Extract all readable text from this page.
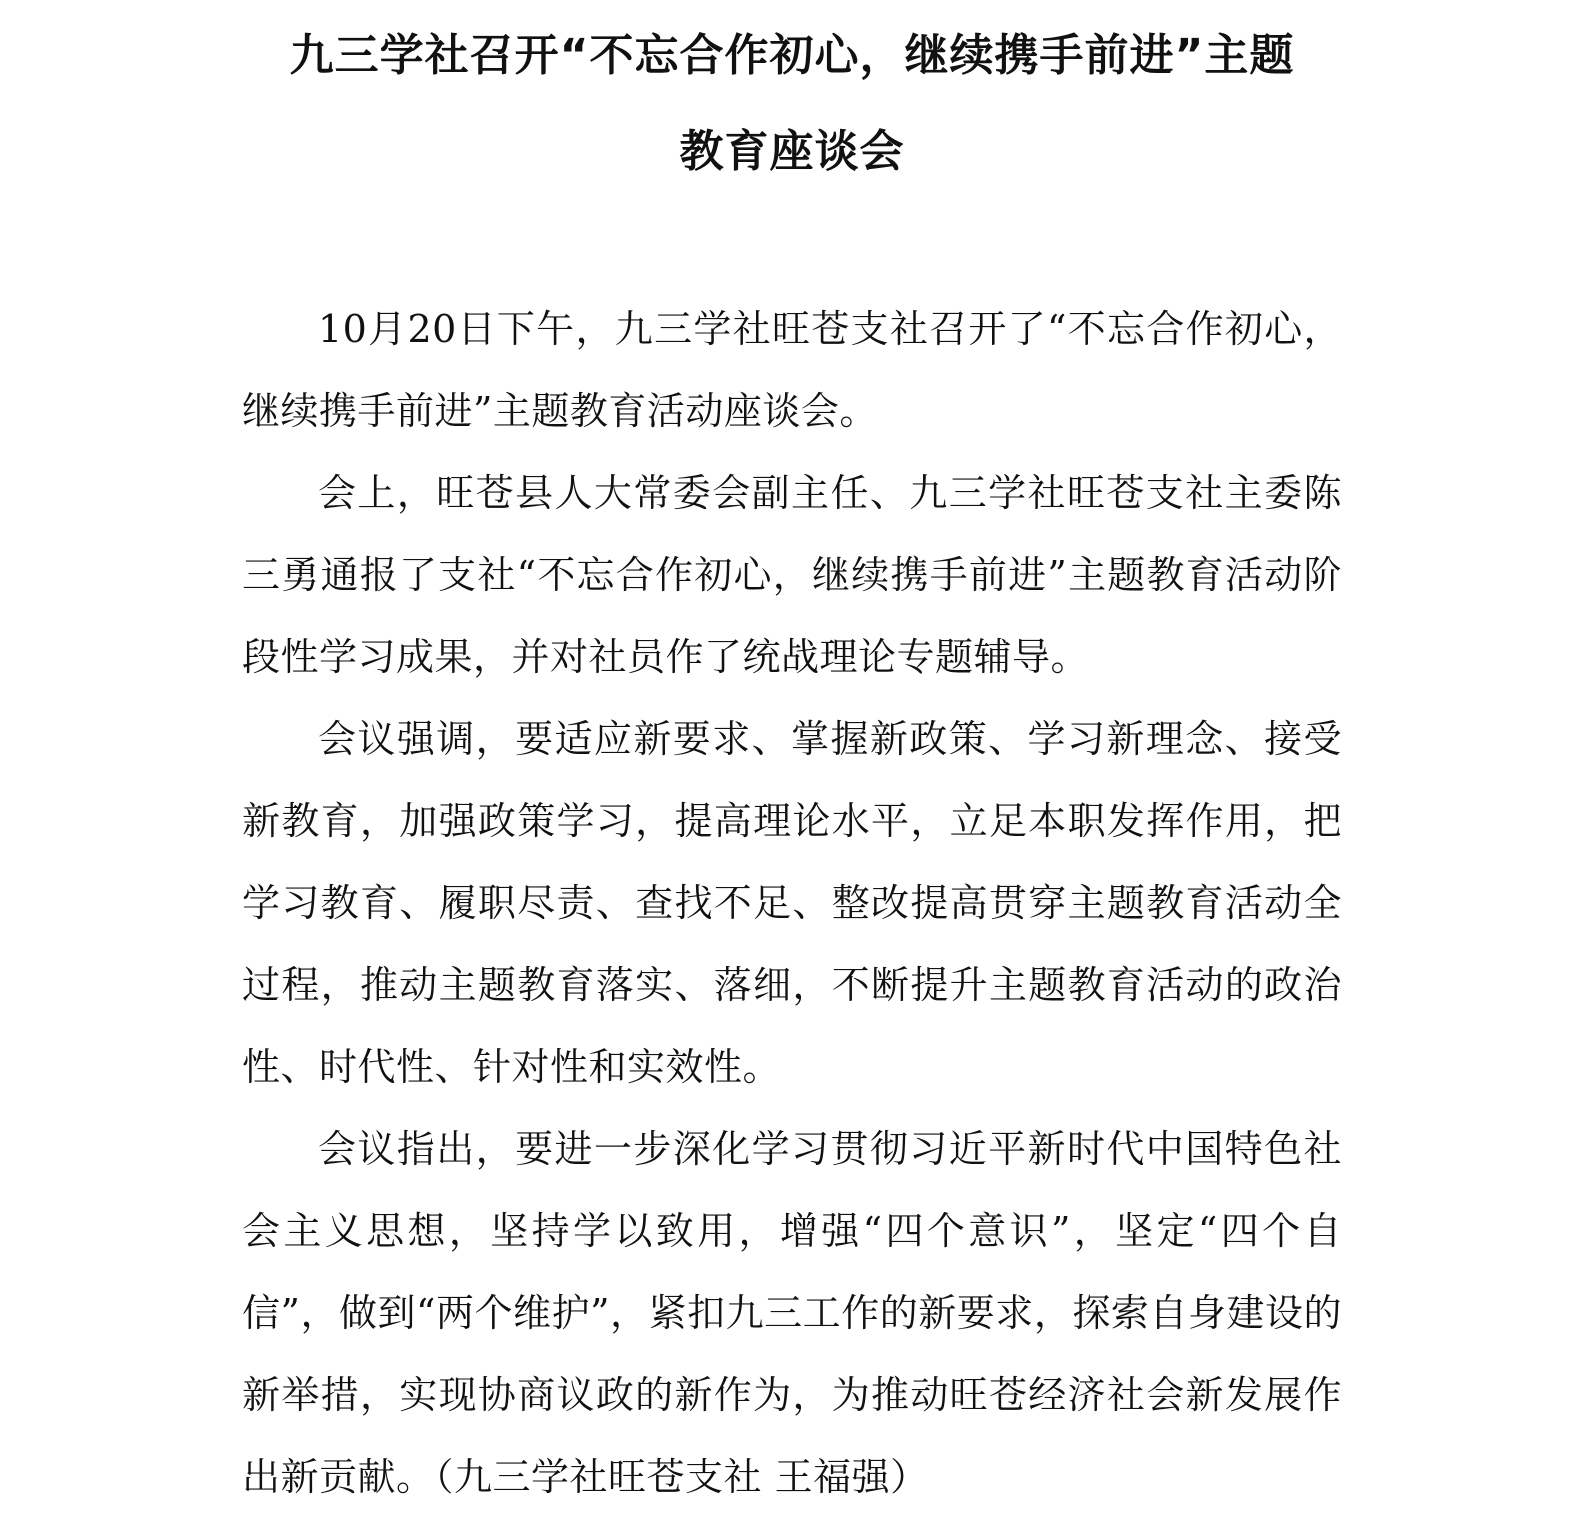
九三学社召开“不忘合作初心，继续携手前进”主题
教育座谈会

10月20日下午，九三学社旺苍支社召开了“不忘合作初心，继续携手前进”主题教育活动座谈会。

会上，旺苍县人大常委会副主任、九三学社旺苍支社主委陈三勇通报了支社“不忘合作初心，继续携手前进”主题教育活动阶段性学习成果，并对社员作了统战理论专题辅导。

会议强调，要适应新要求、掌握新政策、学习新理念、接受新教育，加强政策学习，提高理论水平，立足本职发挥作用，把学习教育、履职尽责、查找不足、整改提高贯穿主题教育活动全过程，推动主题教育落实、落细，不断提升主题教育活动的政治性、时代性、针对性和实效性。

会议指出，要进一步深化学习贯彻习近平新时代中国特色社会主义思想，坚持学以致用，增强“四个意识”，坚定“四个自信”，做到“两个维护”，紧扣九三工作的新要求，探索自身建设的新举措，实现协商议政的新作为，为推动旺苍经济社会新发展作出新贡献。（九三学社旺苍支社 王福强）
